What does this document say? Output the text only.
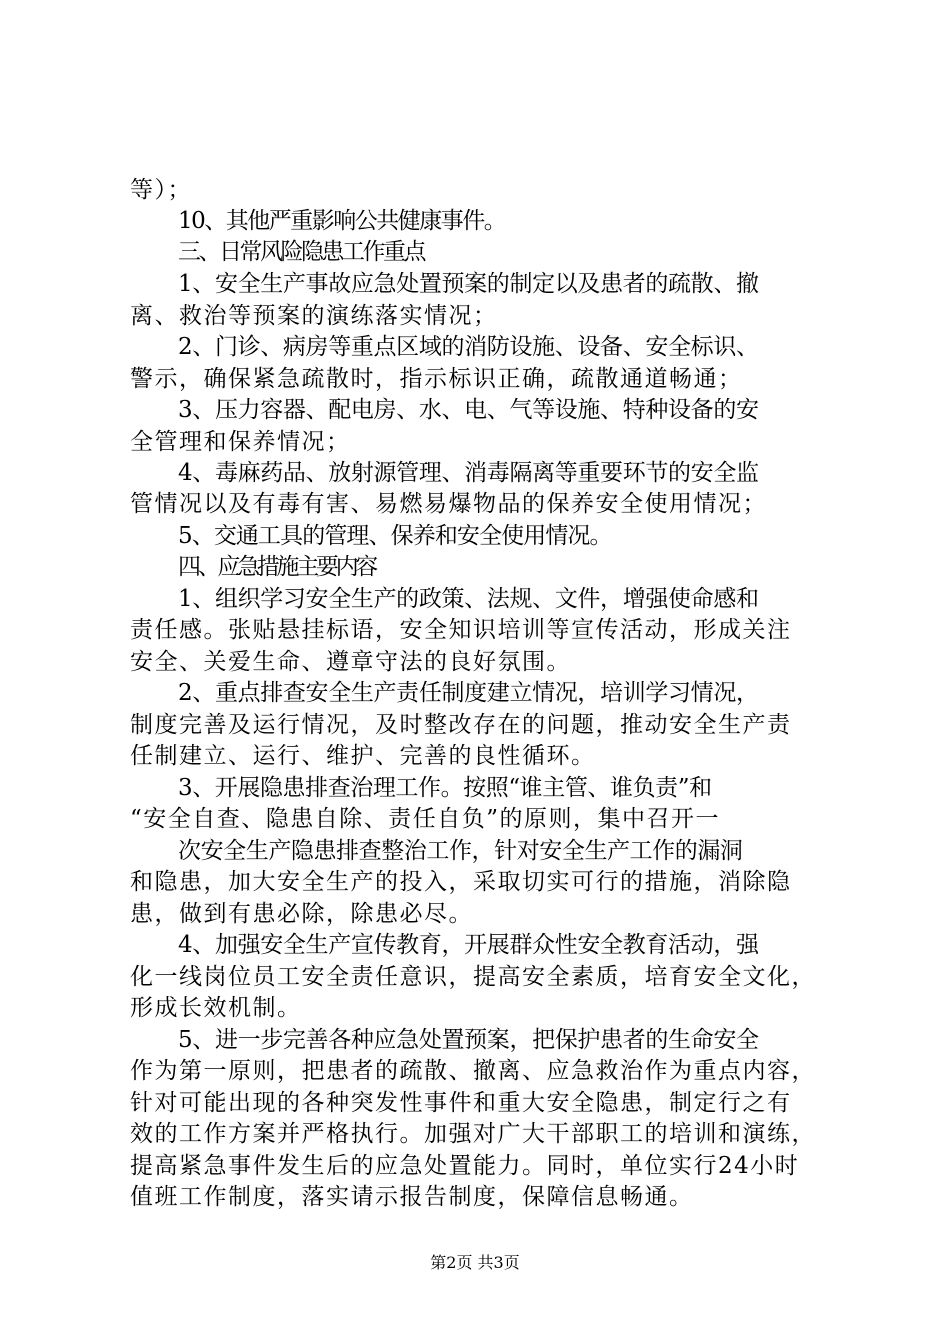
等）；
10、其他严重影响公共健康事件。
三、日常风险隐患工作重点
1、安全生产事故应急处置预案的制定以及患者的疏散、撤
离、救治等预案的演练落实情况；
2、门诊、病房等重点区域的消防设施、设备、安全标识、
警示，确保紧急疏散时，指示标识正确，疏散通道畅通；
3、压力容器、配电房、水、电、气等设施、特种设备的安
全管理和保养情况；
4、毒麻药品、放射源管理、消毒隔离等重要环节的安全监
管情况以及有毒有害、易燃易爆物品的保养安全使用情况；
5、交通工具的管理、保养和安全使用情况。
四、应急措施主要内容
1、组织学习安全生产的政策、法规、文件，增强使命感和
责任感。张贴悬挂标语，安全知识培训等宣传活动，形成关注
安全、关爱生命、遵章守法的良好氛围。
2、重点排查安全生产责任制度建立情况，培训学习情况，
制度完善及运行情况，及时整改存在的问题，推动安全生产责
任制建立、运行、维护、完善的良性循环。
3、开展隐患排查治理工作。按照“谁主管、谁负责”和
“安全自查、隐患自除、责任自负”的原则，集中召开一
次安全生产隐患排查整治工作，针对安全生产工作的漏洞
和隐患，加大安全生产的投入，采取切实可行的措施，消除隐
患，做到有患必除，除患必尽。
4、加强安全生产宣传教育，开展群众性安全教育活动，强
化一线岗位员工安全责任意识，提高安全素质，培育安全文化，
形成长效机制。
5、进一步完善各种应急处置预案，把保护患者的生命安全
作为第一原则，把患者的疏散、撤离、应急救治作为重点内容，
针对可能出现的各种突发性事件和重大安全隐患，制定行之有
效的工作方案并严格执行。加强对广大干部职工的培训和演练，
提高紧急事件发生后的应急处置能力。同时，单位实行24小时
值班工作制度，落实请示报告制度，保障信息畅通。
第2页 共3页
